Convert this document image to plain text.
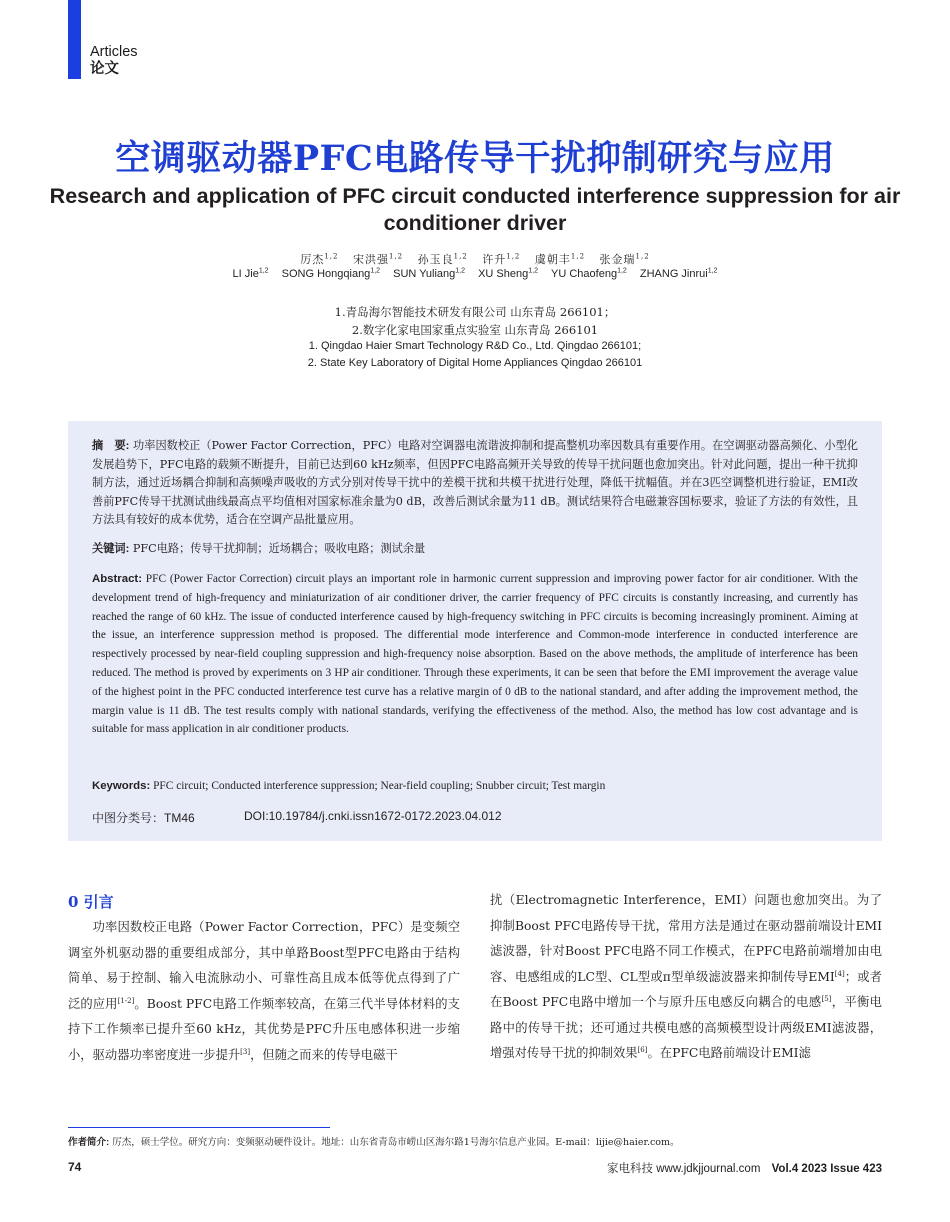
Articles
论文
空调驱动器PFC电路传导干扰抑制研究与应用
Research and application of PFC circuit conducted interference suppression for air conditioner driver
厉杰$^{1,2}$ 宋洪强$^{1,2}$ 孙玉良$^{1,2}$ 许升$^{1,2}$ 虞朝丰$^{1,2}$ 张金瑞$^{1,2}$
LI Jie$^{1,2}$ SONG Hongqiang$^{1,2}$ SUN Yuliang$^{1,2}$ XU Sheng$^{1,2}$ YU Chaofeng$^{1,2}$ ZHANG Jinrui$^{1,2}$
1.青岛海尔智能技术研发有限公司 山东青岛 266101；
2.数字化家电国家重点实验室 山东青岛 266101
1. Qingdao Haier Smart Technology R&D Co., Ltd. Qingdao 266101;
2. State Key Laboratory of Digital Home Appliances Qingdao 266101
摘　要: 功率因数校正（Power Factor Correction，PFC）电路对空调器电流谐波抑制和提高整机功率因数具有重要作用。在空调驱动器高频化、小型化发展趋势下，PFC电路的载频不断提升，目前已达到60 kHz频率，但因PFC电路高频开关导致的传导干扰问题也愈加突出。针对此问题，提出一种干扰抑制方法，通过近场耦合抑制和高频噪声吸收的方式分别对传导干扰中的差模干扰和共模干扰进行处理，降低干扰幅值。并在3匹空调整机进行验证，EMI改善前PFC传导干扰测试曲线最高点平均值相对国家标准余量为0 dB，改善后测试余量为11 dB。测试结果符合电磁兼容国标要求，验证了方法的有效性，且方法具有较好的成本优势，适合在空调产品批量应用。
关键词: PFC电路；传导干扰抑制；近场耦合；吸收电路；测试余量
Abstract: PFC (Power Factor Correction) circuit plays an important role in harmonic current suppression and improving power factor for air conditioner. With the development trend of high-frequency and miniaturization of air conditioner driver, the carrier frequency of PFC circuits is constantly increasing, and currently has reached the range of 60 kHz. The issue of conducted interference caused by high-frequency switching in PFC circuits is becoming increasingly prominent. Aiming at the issue, an interference suppression method is proposed. The differential mode interference and Common-mode interference in conducted interference are respectively processed by near-field coupling suppression and high-frequency noise absorption. Based on the above methods, the amplitude of interference has been reduced. The method is proved by experiments on 3 HP air conditioner. Through these experiments, it can be seen that before the EMI improvement the average value of the highest point in the PFC conducted interference test curve has a relative margin of 0 dB to the national standard, and after adding the improvement method, the margin value is 11 dB. The test results comply with national standards, verifying the effectiveness of the method. Also, the method has low cost advantage and is suitable for mass application in air conditioner products.
Keywords: PFC circuit; Conducted interference suppression; Near-field coupling; Snubber circuit; Test margin
中图分类号：TM46	DOI:10.19784/j.cnki.issn1672-0172.2023.04.012
0 引言
功率因数校正电路（Power Factor Correction，PFC）是变频空调室外机驱动器的重要组成部分，其中单路Boost型PFC电路由于结构简单、易于控制、输入电流脉动小、可靠性高且成本低等优点得到了广泛的应用[1-2]。Boost PFC电路工作频率较高，在第三代半导体材料的支持下工作频率已提升至60 kHz，其优势是PFC升压电感体积进一步缩小，驱动器功率密度进一步提升[3]，但随之而来的传导电磁干
扰（Electromagnetic Interference，EMI）问题也愈加突出。为了抑制Boost PFC电路传导干扰，常用方法是通过在驱动器前端设计EMI滤波器，针对Boost PFC电路不同工作模式，在PFC电路前端增加由电容、电感组成的LC型、CL型或π型单级滤波器来抑制传导EMI[4]；或者在Boost PFC电路中增加一个与原升压电感反向耦合的电感[5]，平衡电路中的传导干扰；还可通过共模电感的高频模型设计两级EMI滤波器，增强对传导干扰的抑制效果[6]。在PFC电路前端设计EMI滤
作者简介: 厉杰，硕士学位。研究方向：变频驱动硬件设计。地址：山东省青岛市崂山区海尔路1号海尔信息产业园。E-mail：lijie@haier.com。
74	家电科技 www.jdkjjournal.com Vol.4 2023 Issue 423
